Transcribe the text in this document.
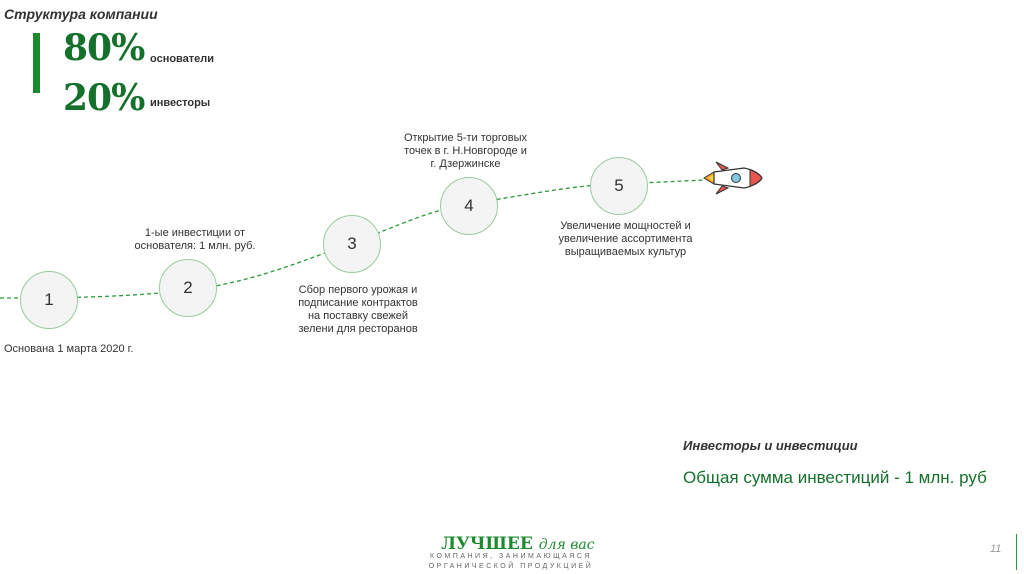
Структура компании
80% основатели
20% инвесторы
1
2
3
4
5
Основана 1 марта 2020 г.
1-ые инвестиции от
основателя: 1 млн. руб.
Сбор первого урожая и
подписание контрактов
на поставку свежей
зелени для ресторанов
Открытие 5-ти торговых
точек в г. Н.Новгороде и
г. Дзержинске
Увеличение мощностей и
увеличение ассортимента
выращиваемых культур
Инвесторы и инвестиции
Общая сумма инвестиций - 1 млн. руб
ЛУЧШЕЕ для вас
КОМПАНИЯ, ЗАНИМАЮЩАЯСЯ
ОРГАНИЧЕСКОЙ ПРОДУКЦИЕЙ
11
